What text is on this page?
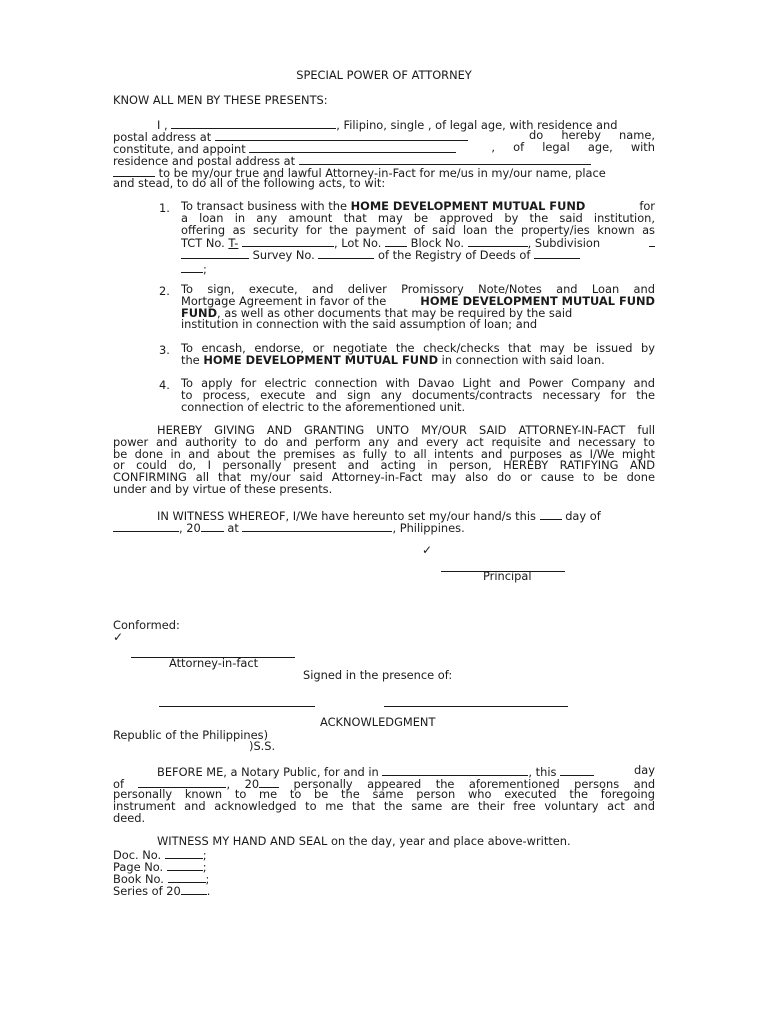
SPECIAL POWER OF ATTORNEY
KNOW ALL MEN BY THESE PRESENTS:
I ,	, Filipino, single , of legal age, with residence and
postal address at	do     hereby     name,
constitute, and appoint	,     of     legal     age,     with
residence and postal address at
to be my/our true and lawful Attorney-in-Fact for me/us in my/our name, place
and stead, to do all of the following acts, to wit:
1. To transact business with the HOME DEVELOPMENT MUTUAL FUND	for
a loan in any amount that may be approved by the said institution,
offering as security for the payment of said loan the property/ies known as
TCT No. T-	, Lot No.	Block No.	, Subdivision
Survey No.	of the Registry of Deeds of
;
2. To sign, execute, and deliver Promissory Note/Notes and Loan and
Mortgage Agreement in favor of the	HOME DEVELOPMENT MUTUAL FUND
FUND, as well as other documents that may be required by the said
institution in connection with the said assumption of loan; and
3. To encash, endorse, or negotiate the check/checks that may be issued by
the HOME DEVELOPMENT MUTUAL FUND in connection with said loan.
4. To apply for electric connection with Davao Light and Power Company and
to process, execute and sign any documents/contracts necessary for the
connection of electric to the aforementioned unit.
HEREBY GIVING AND GRANTING UNTO MY/OUR SAID ATTORNEY-IN-FACT full
power and authority to do and perform any and every act requisite and necessary to
be done in and about the premises as fully to all intents and purposes as I/We might
or could do, I personally present and acting in person, HEREBY RATIFYING AND
CONFIRMING all that my/our said Attorney-in-Fact may also do or cause to be done
under and by virtue of these presents.
IN WITNESS WHEREOF, I/We have hereunto set my/our hand/s this	day of
, 20 at	, Philippines.
✓
Principal
Conformed:
✓
Attorney-in-fact
Signed in the presence of:
ACKNOWLEDGMENT
Republic of the Philippines)
)S.S.
BEFORE ME, a Notary Public, for and in	, this	day
of	,    20    personally    appeared    the    aforementioned    persons    and
personally known to me to be the same person who executed the foregoing
instrument and acknowledged to me that the same are their free voluntary act and
deed.
WITNESS MY HAND AND SEAL on the day, year and place above-written.
Doc. No.	;
Page No.	;
Book No.	;
Series of 20 .
